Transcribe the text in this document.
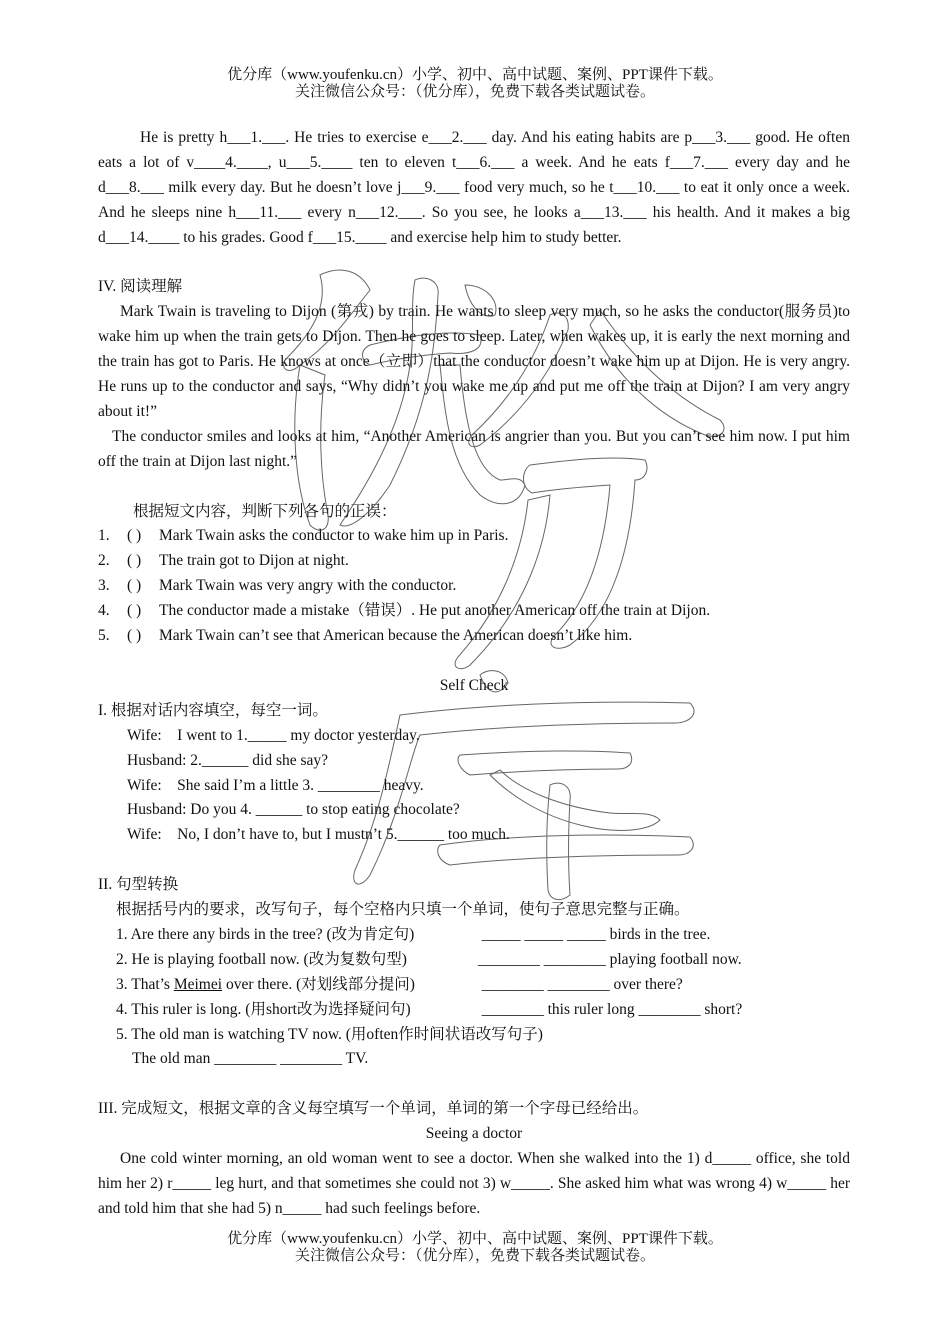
优分库（www.youfenku.cn）小学、初中、高中试题、案例、PPT课件下载。
关注微信公众号：（优分库），免费下载各类试题试卷。

He is pretty h___1.___. He tries to exercise e___2.___ day. And his eating habits are p___3.___ good. He often eats a lot of v____4.____, u___5.____ ten to eleven t___6.___ a week. And he eats f___7.___ every day and he d___8.___ milk every day. But he doesn’t love j___9.___ food very much, so he t___10.___ to eat it only once a week. And he sleeps nine h___11.___ every n___12.___. So you see, he looks a___13.___ his health. And it makes a big d___14.____ to his grades. Good f___15.____ and exercise help him to study better.

IV. 阅读理解

Mark Twain is traveling to Dijon (第戎) by train. He wants to sleep very much, so he asks the conductor(服务员)to wake him up when the train gets to Dijon. Then he goes to sleep. Later, when wakes up, it is early the next morning and the train has got to Paris. He knows at once（立即）that the conductor doesn’t wake him up at Dijon. He is very angry. He runs up to the conductor and says, “Why didn’t you wake me up and put me off the train at Dijon? I am very angry about it!”

The conductor smiles and looks at him, “Another American is angrier than you. But you can’t see him now. I put him off the train at Dijon last night.”

根据短文内容，判断下列各句的正误：

1.	( )	Mark Twain asks the conductor to wake him up in Paris.
2.	( )	The train got to Dijon at night.
3.	( )	Mark Twain was very angry with the conductor.
4.	( )	The conductor made a mistake（错误）. He put another American off the train at Dijon.
5.	( )	Mark Twain can’t see that American because the American doesn’t like him.

Self Check

I. 根据对话内容填空，每空一词。

Wife:    I went to 1._____ my doctor yesterday.

Husband: 2.______ did she say?

Wife:    She said I’m a little 3. ________ heavy.

Husband: Do you 4. ______ to stop eating chocolate?

Wife:    No, I don’t have to, but I mustn’t 5.______ too much.

II. 句型转换

根据括号内的要求，改写句子，每个空格内只填一个单词，使句子意思完整与正确。

1. Are there any birds in the tree? (改为肯定句)	_____ _____ _____ birds in the tree.
2. He is playing football now. (改为复数句型)	________ ________ playing football now.
3. That’s Meimei over there. (对划线部分提问)	________ ________ over there?
4. This ruler is long. (用short改为选择疑问句)	________ this ruler long ________ short?

5. The old man is watching TV now. (用often作时间状语改写句子)

The old man ________ ________ TV.

III. 完成短文，根据文章的含义每空填写一个单词，单词的第一个字母已经给出。

Seeing a doctor

One cold winter morning, an old woman went to see a doctor. When she walked into the 1) d_____ office, she told him her 2) r_____ leg hurt, and that sometimes she could not 3) w_____. She asked him what was wrong 4) w_____ her and told him that she had 5) n_____ had such feelings before.

优分库（www.youfenku.cn）小学、初中、高中试题、案例、PPT课件下载。
关注微信公众号：（优分库），免费下载各类试题试卷。
